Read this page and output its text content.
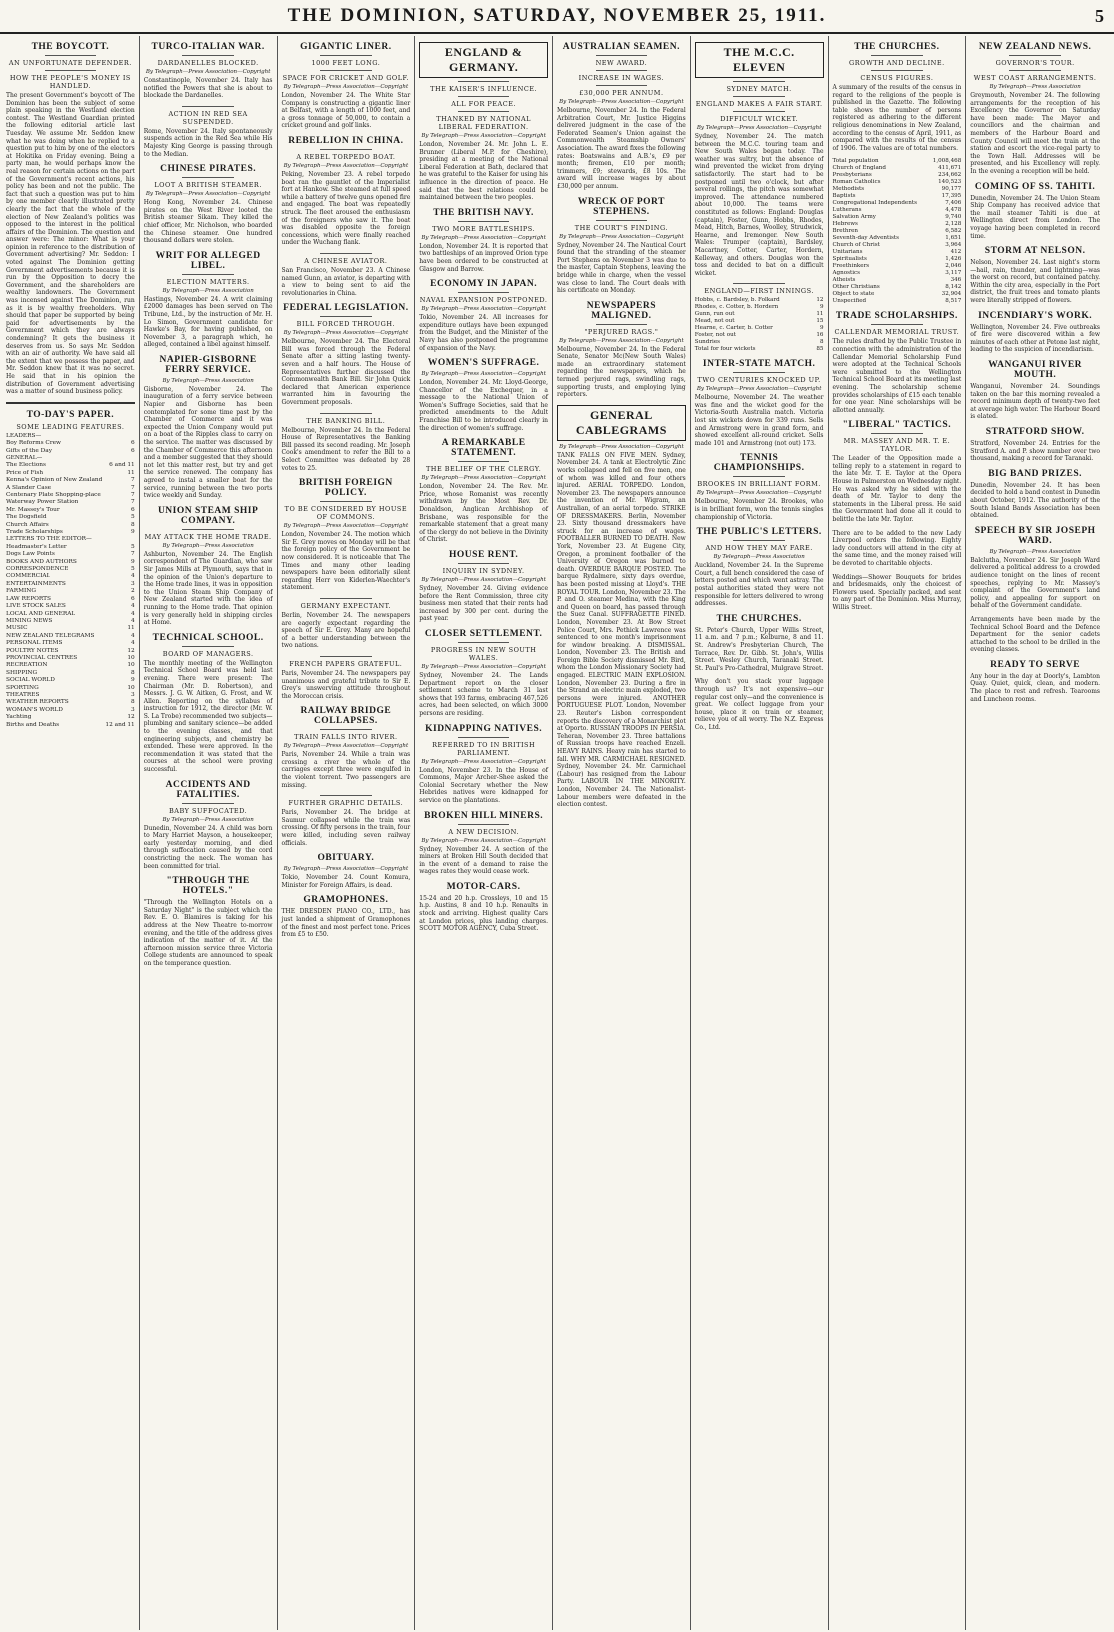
THE DOMINION, SATURDAY, NOVEMBER 25, 1911.	5
THE BOYCOTT.
AN UNFORTUNATE DEFENDER.
HOW THE PEOPLE'S MONEY IS HANDLED.
The present Government's boycott of The Dominion has been the subject of some plain speaking in the Westland election contest. The Westland Guardian printed the following editorial article last Tuesday. We assume Mr. Seddon knew what he was doing when he replied to a question put to him by one of the electors at Hokitika on Friday evening. Being a party man, he would perhaps know the real reason for certain actions on the part of the Government's recent actions, his policy has been and not the public. The fact that such a question was put to him by one member clearly illustrated pretty clearly the fact that the whole of the election of New Zealand's politics was opposed to the interest in the political affairs of the Dominion. The question and answer were: The minor: What is your opinion in reference to the distribution of Government advertising? Mr. Seddon: I voted against The Dominion getting Government advertisements because it is run by the Opposition to decry the Government, and the shareholders are wealthy landowners. The Government was incensed against The Dominion, run as it is by wealthy freeholders. Why should that paper be supported by being paid for advertisements by the Government which they are always condemning? It gets the business it deserves from us. So says Mr. Seddon with an air of authority. We have said all the extent that we possess the paper, and Mr. Seddon knew that it was no secret. He said that in his opinion the distribution of Government advertising was a matter of sound business policy.
TO-DAY'S PAPER.
SOME LEADING FEATURES.
LEADERS—
Boy Reforms Crew	6
Gifts of the Day	6
GENERAL—
The Elections	6 and 11
Price of Fish	11
Kenna's Opinion of New Zealand	7
A Slander Case	7
Centenary Plate Shopping-place	7
Waterway Power Station	7
Mr. Massey's Tour	6
The Dogsfield	5
Church Affairs	8
Trade Scholarships	9
LETTERS TO THE EDITOR—
Headmaster's Letter	5
Dogs Law Points	7
BOOKS AND AUTHORS	9
CORRESPONDENCE	5
COMMERCIAL	4
ENTERTAINMENTS	3
FARMING	2
LAW REPORTS	6
LIVE STOCK SALES	4
LOCAL AND GENERAL	4
MINING NEWS	4
MUSIC	11
NEW ZEALAND TELEGRAMS	4
PERSONAL ITEMS	4
POULTRY NOTES	12
PROVINCIAL CENTRES	10
RECREATION	10
SHIPPING	8
SOCIAL WORLD	9
SPORTING	10
THEATRES	3
WEATHER REPORTS	8
WOMAN'S WORLD	3
Yachting	12
Births and Deaths	12 and 11
TURCO-ITALIAN WAR.
DARDANELLES BLOCKED.
By Telegraph—Press Association—Copyright
Constantinople, November 24. Italy has notified the Powers that she is about to blockade the Dardanelles.
ACTION IN RED SEA SUSPENDED.
Rome, November 24. Italy spontaneously suspends action in the Red Sea while His Majesty King George is passing through to the Median.
CHINESE PIRATES.
LOOT A BRITISH STEAMER.
By Telegraph—Press Association—Copyright
Hong Kong, November 24. Chinese pirates on the West River looted the British steamer Sikam. They killed the chief officer, Mr. Nicholson, who boarded the Chinese steamer. One hundred thousand dollars were stolen.
WRIT FOR ALLEGED LIBEL.
ELECTION MATTERS.
By Telegraph—Press Association
Hastings, November 24. A writ claiming £2000 damages has been served on The Tribune, Ltd., by the instruction of Mr. H. Lo Simon, Government candidate for Hawke's Bay, for having published, on November 3, a paragraph which, he alleged, contained a libel against himself.
NAPIER-GISBORNE FERRY SERVICE.
By Telegraph—Press Association
Gisborne, November 24. The inauguration of a ferry service between Napier and Gisborne has been contemplated for some time past by the Chamber of Commerce and it was expected the Union Company would put on a boat of the Ripples class to carry on the service. The matter was discussed by the Chamber of Commerce this afternoon and a member suggested that they should not let this matter rest, but try and get the service renewed. The company has agreed to instal a smaller boat for the service, running between the two ports twice weekly and Sunday.
UNION STEAM SHIP COMPANY.
MAY ATTACK THE HOME TRADE.
By Telegraph—Press Association
Ashburton, November 24. The English correspondent of The Guardian, who saw Sir James Mills at Plymouth, says that in the opinion of the Union's departure to the Home trade lines, it was in opposition to the Union Steam Ship Company of New Zealand started with the idea of running to the Home trade. That opinion is very generally held in shipping circles at Home.
TECHNICAL SCHOOL.
BOARD OF MANAGERS.
The monthly meeting of the Wellington Technical School Board was held last evening. There were present: The Chairman (Mr. D. Robertson), and Messrs. J. G. W. Aitken, G. Frost, and W. Allen. Reporting on the syllabus of instruction for 1912, the director (Mr. W. S. La Trobe) recommended two subjects—plumbing and sanitary science—be added to the evening classes, and that engineering subjects, and chemistry be extended. These were approved. In the recommendation it was stated that the courses at the school were proving successful.
ACCIDENTS AND FATALITIES.
BABY SUFFOCATED.
By Telegraph—Press Association
Dunedin, November 24. A child was born to Mary Harriet Mayson, a housekeeper, early yesterday morning, and died through suffocation caused by the cord constricting the neck. The woman has been committed for trial.
"THROUGH THE HOTELS."
"Through the Wellington Hotels on a Saturday Night" is the subject which the Rev. E. O. Blamires is taking for his address at the New Theatre to-morrow evening, and the title of the address gives indication of the matter of it. At the afternoon mission service three Victoria College students are announced to speak on the temperance question.
GIGANTIC LINER.
1000 FEET LONG.
SPACE FOR CRICKET AND GOLF.
By Telegraph—Press Association—Copyright
London, November 24. The White Star Company is constructing a gigantic liner at Belfast, with a length of 1000 feet, and a gross tonnage of 50,000, to contain a cricket ground and golf links.
REBELLION IN CHINA.
A REBEL TORPEDO BOAT.
By Telegraph—Press Association—Copyright
Peking, November 23. A rebel torpedo boat ran the gauntlet of the Imperialist fort at Hankow. She steamed at full speed while a battery of twelve guns opened fire and engaged. The boat was repeatedly struck. The fleet aroused the enthusiasm of the foreigners who saw it. The boat was disabled opposite the foreign concessions, which were finally reached under the Wuchang flank.
A CHINESE AVIATOR.
San Francisco, November 23. A Chinese named Gunn, an aviator, is departing with a view to being sent to aid the revolutionaries in China.
FEDERAL LEGISLATION.
BILL FORCED THROUGH.
By Telegraph—Press Association—Copyright
Melbourne, November 24. The Electoral Bill was forced through the Federal Senate after a sitting lasting twenty-seven and a half hours. The House of Representatives further discussed the Commonwealth Bank Bill. Sir John Quick declared that American experience warranted him in favouring the Government proposals.
THE BANKING BILL.
Melbourne, November 24. In the Federal House of Representatives the Banking Bill passed its second reading. Mr. Joseph Cook's amendment to refer the Bill to a Select Committee was defeated by 28 votes to 25.
BRITISH FOREIGN POLICY.
TO BE CONSIDERED BY HOUSE OF COMMONS.
By Telegraph—Press Association—Copyright
London, November 24. The motion which Sir E. Grey moves on Monday will be that the foreign policy of the Government be now considered. It is noticeable that The Times and many other leading newspapers have been editorially silent regarding Herr von Kiderlen-Waechter's statement.
GERMANY EXPECTANT.
Berlin, November 24. The newspapers are eagerly expectant regarding the speech of Sir E. Grey. Many are hopeful of a better understanding between the two nations.
FRENCH PAPERS GRATEFUL.
Paris, November 24. The newspapers pay unanimous and grateful tribute to Sir E. Grey's unswerving attitude throughout the Moroccan crisis.
RAILWAY BRIDGE COLLAPSES.
TRAIN FALLS INTO RIVER.
By Telegraph—Press Association—Copyright
Paris, November 24. While a train was crossing a river the whole of the carriages except three were engulfed in the violent torrent. Two passengers are missing.
FURTHER GRAPHIC DETAILS.
Paris, November 24. The bridge at Saumur collapsed while the train was crossing. Of fifty persons in the train, four were killed, including seven railway officials.
OBITUARY.
By Telegraph—Press Association—Copyright
Tokio, November 24. Count Komura, Minister for Foreign Affairs, is dead.
GRAMOPHONES.
THE DRESDEN PIANO CO., LTD., has just landed a shipment of Gramophones of the finest and most perfect tone. Prices from £5 to £50.
ENGLAND & GERMANY.
THE KAISER'S INFLUENCE.
ALL FOR PEACE.
THANKED BY NATIONAL LIBERAL FEDERATION.
By Telegraph—Press Association—Copyright
London, November 24. Mr. John L. E. Brunner (Liberal M.P. for Cheshire), presiding at a meeting of the National Liberal Federation at Bath, declared that he was grateful to the Kaiser for using his influence in the direction of peace. He said that the best relations could be maintained between the two peoples.
THE BRITISH NAVY.
TWO MORE BATTLESHIPS.
By Telegraph—Press Association—Copyright
London, November 24. It is reported that two battleships of an improved Orion type have been ordered to be constructed at Glasgow and Barrow.
ECONOMY IN JAPAN.
NAVAL EXPANSION POSTPONED.
By Telegraph—Press Association—Copyright
Tokio, November 24. All increases for expenditure outlays have been expunged from the Budget, and the Minister of the Navy has also postponed the programme of expansion of the Navy.
WOMEN'S SUFFRAGE.
By Telegraph—Press Association—Copyright
London, November 24. Mr. Lloyd-George, Chancellor of the Exchequer, in a message to the National Union of Women's Suffrage Societies, said that he predicted amendments to the Adult Franchise Bill to be introduced clearly in the direction of women's suffrage.
A REMARKABLE STATEMENT.
THE BELIEF OF THE CLERGY.
By Telegraph—Press Association—Copyright
London, November 24. The Rev. Mr. Price, whose Romanist was recently withdrawn by the Most Rev. Dr. Donaldson, Anglican Archbishop of Brisbane, was responsible for the remarkable statement that a great many of the clergy do not believe in the Divinity of Christ.
HOUSE RENT.
INQUIRY IN SYDNEY.
By Telegraph—Press Association—Copyright
Sydney, November 24. Giving evidence before the Rent Commission, three city business men stated that their rents had increased by 300 per cent. during the past year.
CLOSER SETTLEMENT.
PROGRESS IN NEW SOUTH WALES.
By Telegraph—Press Association—Copyright
Sydney, November 24. The Lands Department report on the closer settlement scheme to March 31 last shows that 193 farms, embracing 467,526 acres, had been selected, on which 3000 persons are residing.
KIDNAPPING NATIVES.
REFERRED TO IN BRITISH PARLIAMENT.
By Telegraph—Press Association—Copyright
London, November 23. In the House of Commons, Major Archer-Shee asked the Colonial Secretary whether the New Hebrides natives were kidnapped for service on the plantations.
BROKEN HILL MINERS.
A NEW DECISION.
By Telegraph—Press Association—Copyright
Sydney, November 24. A section of the miners at Broken Hill South decided that in the event of a demand to raise the wages rates they would cease work.
MOTOR-CARS.
15-24 and 20 h.p. Crossleys, 10 and 15 h.p. Austins, 8 and 10 h.p. Renaults in stock and arriving. Highest quality Cars at London prices, plus landing charges. SCOTT MOTOR AGENCY, Cuba Street.
AUSTRALIAN SEAMEN.
NEW AWARD.
INCREASE IN WAGES.
£30,000 PER ANNUM.
By Telegraph—Press Association—Copyright
Melbourne, November 24. In the Federal Arbitration Court, Mr. Justice Higgins delivered judgment in the case of the Federated Seamen's Union against the Commonwealth Steamship Owners' Association. The award fixes the following rates: Boatswains and A.B.'s, £9 per month; firemen, £10 per month; trimmers, £9; stewards, £8 10s. The award will increase wages by about £30,000 per annum.
WRECK OF PORT STEPHENS.
THE COURT'S FINDING.
By Telegraph—Press Association—Copyright
Sydney, November 24. The Nautical Court found that the stranding of the steamer Port Stephens on November 3 was due to the master, Captain Stephens, leaving the bridge while in charge, when the vessel was close to land. The Court deals with his certificate on Monday.
NEWSPAPERS MALIGNED.
"PERJURED RAGS."
By Telegraph—Press Association—Copyright
Melbourne, November 24. In the Federal Senate, Senator Mc(New South Wales) made an extraordinary statement regarding the newspapers, which he termed perjured rags, swindling rags, supporting trusts, and employing lying reporters.
GENERAL CABLEGRAMS
By Telegraph—Press Association—Copyright
TANK FALLS ON FIVE MEN. Sydney, November 24. A tank at Electrolytic Zinc works collapsed and fell on five men, one of whom was killed and four others injured. AERIAL TORPEDO. London, November 23. The newspapers announce the invention of Mr. Wigram, an Australian, of an aerial torpedo. STRIKE OF DRESSMAKERS. Berlin, November 23. Sixty thousand dressmakers have struck for an increase of wages. FOOTBALLER BURNED TO DEATH. New York, November 23. At Eugene City, Oregon, a prominent footballer of the University of Oregon was burned to death. OVERDUE BARQUE POSTED. The barque Rydalmere, sixty days overdue, has been posted missing at Lloyd's. THE ROYAL TOUR. London, November 23. The P. and O. steamer Medina, with the King and Queen on board, has passed through the Suez Canal. SUFFRAGETTE FINED. London, November 23. At Bow Street Police Court, Mrs. Pethick Lawrence was sentenced to one month's imprisonment for window breaking. A DISMISSAL. London, November 23. The British and Foreign Bible Society dismissed Mr. Bird, whom the London Missionary Society had engaged. ELECTRIC MAIN EXPLOSION. London, November 23. During a fire in the Strand an electric main exploded, two persons were injured. ANOTHER PORTUGUESE PLOT. London, November 23. Reuter's Lisbon correspondent reports the discovery of a Monarchist plot at Oporto. RUSSIAN TROOPS IN PERSIA. Teheran, November 23. Three battalions of Russian troops have reached Enzeli. HEAVY RAINS. Heavy rain has started to fall. WHY MR. CARMICHAEL RESIGNED. Sydney, November 24. Mr. Carmichael (Labour) has resigned from the Labour Party. LABOUR IN THE MINORITY. London, November 24. The Nationalist-Labour members were defeated in the election contest.
THE M.C.C. ELEVEN
SYDNEY MATCH.
ENGLAND MAKES A FAIR START.
DIFFICULT WICKET.
By Telegraph—Press Association—Copyright
Sydney, November 24. The match between the M.C.C. touring team and New South Wales began today. The weather was sultry, but the absence of wind prevented the wicket from drying satisfactorily. The start had to be postponed until two o'clock, but after several rollings, the pitch was somewhat improved. The attendance numbered about 10,000. The teams were constituted as follows: England: Douglas (captain), Foster, Gunn, Hobbs, Rhodes, Mead, Hitch, Barnes, Woolley, Strudwick, Hearne, and Iremonger. New South Wales: Trumper (captain), Bardsley, Macartney, Cotter, Carter, Hordern, Kelleway, and others. Douglas won the toss and decided to bat on a difficult wicket.
ENGLAND—FIRST INNINGS.
Hobbs, c. Bardsley, b. Folkard	12
Rhodes, c. Cotter, b. Hordern	9
Gunn, run out	11
Mead, not out	15
Hearne, c. Carter, b. Cotter	9
Foster, not out	16
Sundries	8
Total for four wickets	85
INTER-STATE MATCH.
TWO CENTURIES KNOCKED UP.
By Telegraph—Press Association—Copyright
Melbourne, November 24. The weather was fine and the wicket good for the Victoria-South Australia match. Victoria lost six wickets down for 339 runs. Sells and Armstrong were in grand form, and showed excellent all-round cricket. Sells made 101 and Armstrong (not out) 173.
TENNIS CHAMPIONSHIPS.
BROOKES IN BRILLIANT FORM.
By Telegraph—Press Association—Copyright
Melbourne, November 24. Brookes, who is in brilliant form, won the tennis singles championship of Victoria.
THE PUBLIC'S LETTERS.
AND HOW THEY MAY FARE.
By Telegraph—Press Association
Auckland, November 24. In the Supreme Court, a full bench considered the case of letters posted and which went astray. The postal authorities stated they were not responsible for letters delivered to wrong addresses.
THE CHURCHES.
St. Peter's Church, Upper Willis Street, 11 a.m. and 7 p.m.; Kelburne, 8 and 11. St. Andrew's Presbyterian Church, The Terrace, Rev. Dr. Gibb. St. John's, Willis Street. Wesley Church, Taranaki Street. St. Paul's Pro-Cathedral, Mulgrave Street.
Why don't you stack your luggage through us? It's not expensive—our regular cost only—and the convenience is great. We collect luggage from your house, place it on train or steamer, relieve you of all worry. The N.Z. Express Co., Ltd.
THE CHURCHES.
GROWTH AND DECLINE.
CENSUS FIGURES.
A summary of the results of the census in regard to the religions of the people is published in the Gazette. The following table shows the number of persons registered as adhering to the different religious denominations in New Zealand, according to the census of April, 1911, as compared with the results of the census of 1906. The values are of total numbers.
Total population	1,008,468
Church of England	411,671
Presbyterians	234,662
Roman Catholics	140,523
Methodists	90,177
Baptists	17,395
Congregational Independents	7,406
Lutherans	4,478
Salvation Army	9,740
Hebrews	2,128
Brethren	6,582
Seventh-day Adventists	1,651
Church of Christ	3,964
Unitarians	412
Spiritualists	1,426
Freethinkers	2,046
Agnostics	3,117
Atheists	346
Other Christians	8,142
Object to state	32,904
Unspecified	8,517
TRADE SCHOLARSHIPS.
CALLENDAR MEMORIAL TRUST.
The rules drafted by the Public Trustee in connection with the administration of the Callendar Memorial Scholarship Fund were adopted at the Technical Schools were submitted to the Wellington Technical School Board at its meeting last evening. The scholarship scheme provides scholarships of £15 each tenable for one year. Nine scholarships will be allotted annually.
"LIBERAL" TACTICS.
MR. MASSEY AND MR. T. E. TAYLOR.
The Leader of the Opposition made a telling reply to a statement in regard to the late Mr. T. E. Taylor at the Opera House in Palmerston on Wednesday night. He was asked why he sided with the death of Mr. Taylor to deny the statements in the Liberal press. He said the Government had done all it could to belittle the late Mr. Taylor.
There are to be added to the new Lady Liverpool orders the following. Eighty lady conductors will attend in the city at the same time, and the money raised will be devoted to charitable objects.
Weddings—Shower Bouquets for brides and bridesmaids, only the choicest of Flowers used. Specially packed, and sent to any part of the Dominion. Miss Murray, Willis Street.
NEW ZEALAND NEWS.
GOVERNOR'S TOUR.
WEST COAST ARRANGEMENTS.
By Telegraph—Press Association
Greymouth, November 24. The following arrangements for the reception of his Excellency the Governor on Saturday have been made: The Mayor and councillors and the chairman and members of the Harbour Board and County Council will meet the train at the station and escort the vice-regal party to the Town Hall. Addresses will be presented, and his Excellency will reply. In the evening a reception will be held.
COMING OF SS. TAHITI.
Dunedin, November 24. The Union Steam Ship Company has received advice that the mail steamer Tahiti is due at Wellington direct from London. The voyage having been completed in record time.
STORM AT NELSON.
Nelson, November 24. Last night's storm—hail, rain, thunder, and lightning—was the worst on record, but contained patchy. Within the city area, especially in the Port district, the fruit trees and tomato plants were literally stripped of flowers.
INCENDIARY'S WORK.
Wellington, November 24. Five outbreaks of fire were discovered within a few minutes of each other at Petone last night, leading to the suspicion of incendiarism.
WANGANUI RIVER MOUTH.
Wanganui, November 24. Soundings taken on the bar this morning revealed a record minimum depth of twenty-two feet at average high water. The Harbour Board is elated.
STRATFORD SHOW.
Stratford, November 24. Entries for the Stratford A. and P. show number over two thousand, making a record for Taranaki.
BIG BAND PRIZES.
Dunedin, November 24. It has been decided to hold a band contest in Dunedin about October, 1912. The authority of the South Island Bands Association has been obtained.
SPEECH BY SIR JOSEPH WARD.
By Telegraph—Press Association
Balclutha, November 24. Sir Joseph Ward delivered a political address to a crowded audience tonight on the lines of recent speeches, replying to Mr. Massey's complaint of the Government's land policy, and appealing for support on behalf of the Government candidate.
Arrangements have been made by the Technical School Board and the Defence Department for the senior cadets attached to the school to be drilled in the evening classes.
READY TO SERVE
Any hour in the day at Doorly's, Lambton Quay. Quiet, quick, clean, and modern. The place to rest and refresh. Tearooms and Luncheon rooms.
